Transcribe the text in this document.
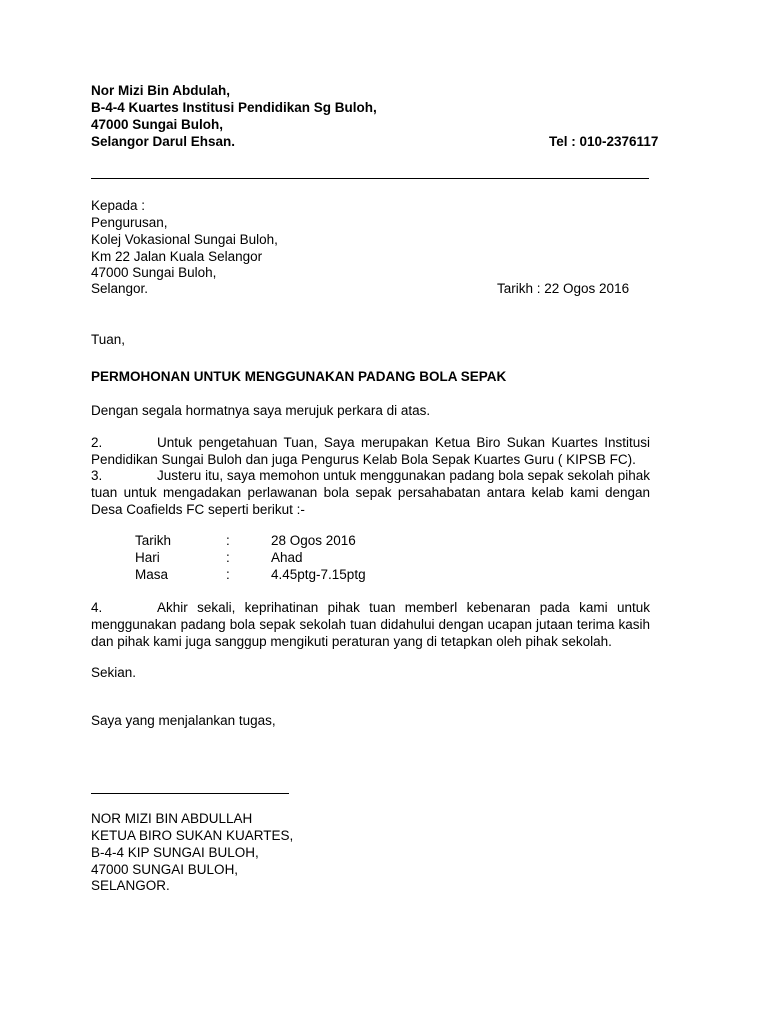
Nor Mizi Bin Abdulah,
B-4-4 Kuartes Institusi Pendidikan Sg Buloh,
47000 Sungai Buloh,
Selangor Darul Ehsan.	Tel : 010-2376117
Kepada :
Pengurusan,
Kolej Vokasional Sungai Buloh,
Km 22 Jalan Kuala Selangor
47000 Sungai Buloh,
Selangor.	Tarikh : 22 Ogos 2016
Tuan,
PERMOHONAN UNTUK MENGGUNAKAN PADANG BOLA SEPAK
Dengan segala hormatnya saya merujuk perkara di atas.
2.	Untuk pengetahuan Tuan, Saya merupakan Ketua Biro Sukan Kuartes Institusi Pendidikan Sungai Buloh dan juga Pengurus Kelab Bola Sepak Kuartes Guru ( KIPSB FC).
3.	Justeru itu, saya memohon untuk menggunakan padang bola sepak sekolah pihak tuan untuk mengadakan perlawanan bola sepak persahabatan antara kelab kami dengan Desa Coafields FC seperti berikut :-
Tarikh	:	28 Ogos 2016
Hari	:	Ahad
Masa	:	4.45ptg-7.15ptg
4.	Akhir sekali, keprihatinan pihak tuan memberl kebenaran pada kami untuk menggunakan padang bola sepak sekolah tuan didahului dengan ucapan jutaan terima kasih dan pihak kami juga sanggup mengikuti peraturan yang di tetapkan oleh pihak sekolah.
Sekian.
Saya yang menjalankan tugas,
NOR MIZI BIN ABDULLAH
KETUA BIRO SUKAN KUARTES,
B-4-4 KIP SUNGAI BULOH,
47000 SUNGAI BULOH,
SELANGOR.
